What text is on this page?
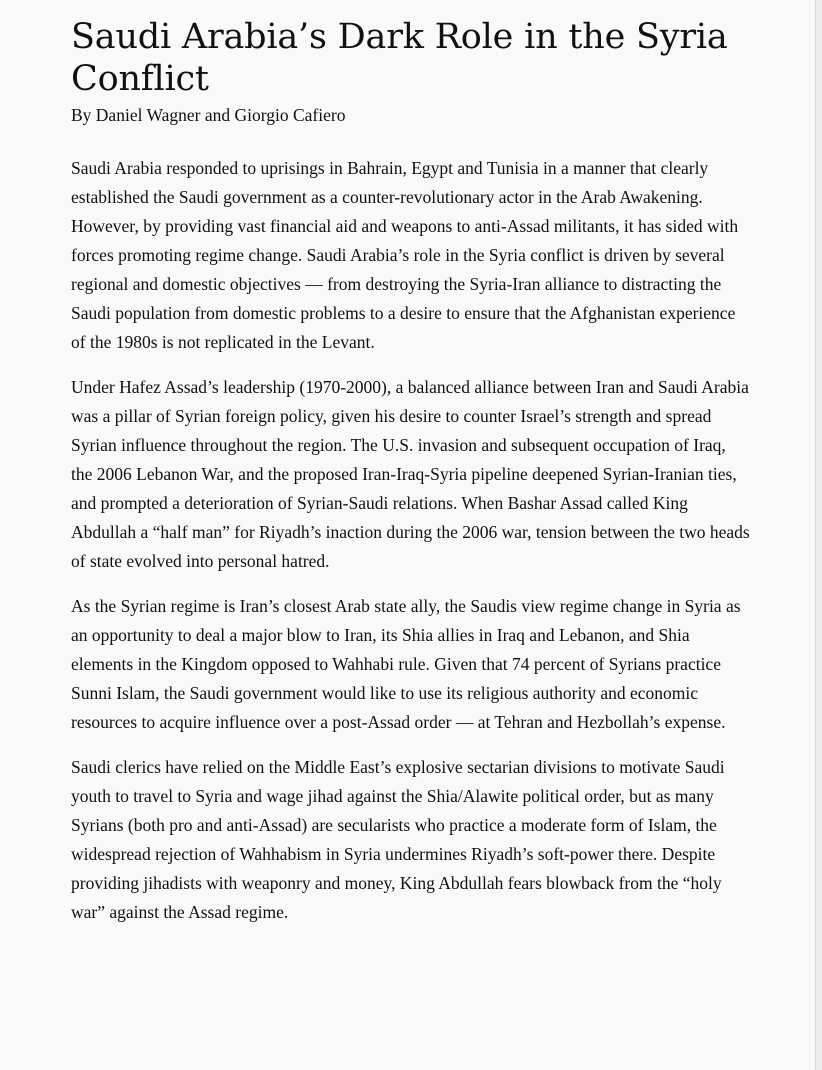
Saudi Arabia’s Dark Role in the Syria Conflict

By Daniel Wagner and Giorgio Cafiero

Saudi Arabia responded to uprisings in Bahrain, Egypt and Tunisia in a manner that clearly established the Saudi government as a counter-revolutionary actor in the Arab Awakening. However, by providing vast financial aid and weapons to anti-Assad militants, it has sided with forces promoting regime change. Saudi Arabia’s role in the Syria conflict is driven by several regional and domestic objectives — from destroying the Syria-Iran alliance to distracting the Saudi population from domestic problems to a desire to ensure that the Afghanistan experience of the 1980s is not replicated in the Levant.

Under Hafez Assad’s leadership (1970-2000), a balanced alliance between Iran and Saudi Arabia was a pillar of Syrian foreign policy, given his desire to counter Israel’s strength and spread Syrian influence throughout the region. The U.S. invasion and subsequent occupation of Iraq, the 2006 Lebanon War, and the proposed Iran-Iraq-Syria pipeline deepened Syrian-Iranian ties, and prompted a deterioration of Syrian-Saudi relations. When Bashar Assad called King Abdullah a “half man” for Riyadh’s inaction during the 2006 war, tension between the two heads of state evolved into personal hatred.

As the Syrian regime is Iran’s closest Arab state ally, the Saudis view regime change in Syria as an opportunity to deal a major blow to Iran, its Shia allies in Iraq and Lebanon, and Shia elements in the Kingdom opposed to Wahhabi rule. Given that 74 percent of Syrians practice Sunni Islam, the Saudi government would like to use its religious authority and economic resources to acquire influence over a post-Assad order — at Tehran and Hezbollah’s expense.

Saudi clerics have relied on the Middle East’s explosive sectarian divisions to motivate Saudi youth to travel to Syria and wage jihad against the Shia/Alawite political order, but as many Syrians (both pro and anti-Assad) are secularists who practice a moderate form of Islam, the widespread rejection of Wahhabism in Syria undermines Riyadh’s soft-power there. Despite providing jihadists with weaponry and money, King Abdullah fears blowback from the “holy war” against the Assad regime.
